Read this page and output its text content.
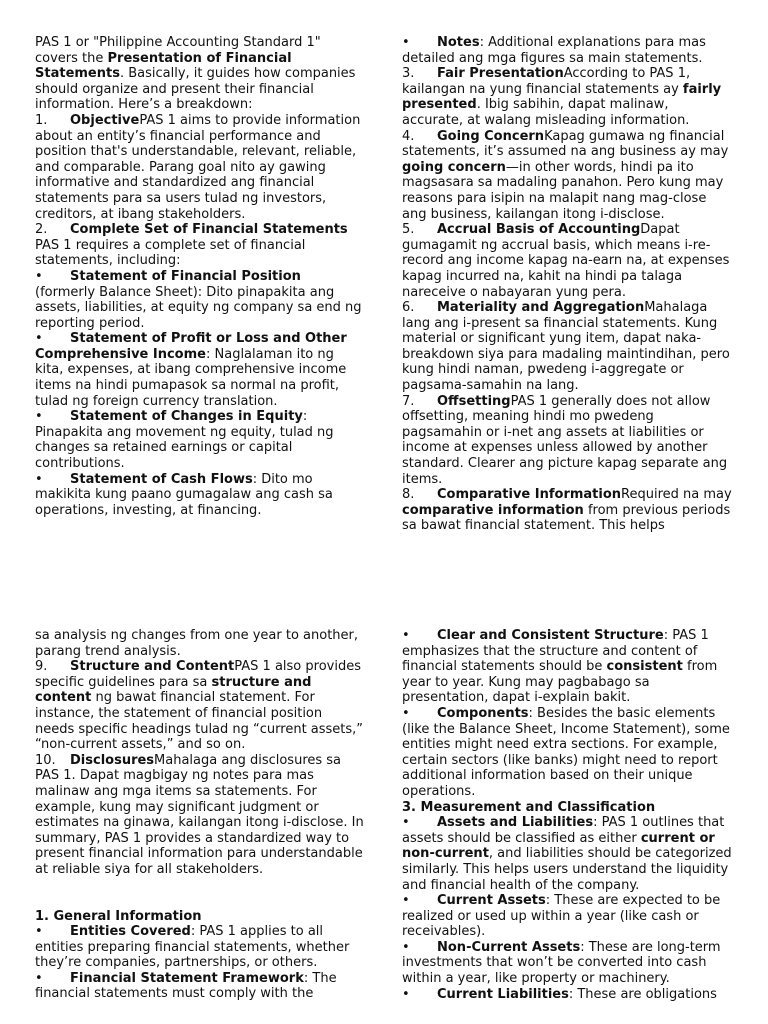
PAS 1 or "Philippine Accounting Standard 1" covers the Presentation of Financial Statements. Basically, it guides how companies should organize and present their financial information. Here’s a breakdown:
1. ObjectivePAS 1 aims to provide information about an entity’s financial performance and position that's understandable, relevant, reliable, and comparable. Parang goal nito ay gawing informative and standardized ang financial statements para sa users tulad ng investors, creditors, at ibang stakeholders.
2. Complete Set of Financial Statements PAS 1 requires a complete set of financial statements, including:
• Statement of Financial Position (formerly Balance Sheet): Dito pinapakita ang assets, liabilities, at equity ng company sa end ng reporting period.
• Statement of Profit or Loss and Other Comprehensive Income: Naglalaman ito ng kita, expenses, at ibang comprehensive income items na hindi pumapasok sa normal na profit, tulad ng foreign currency translation.
• Statement of Changes in Equity: Pinapakita ang movement ng equity, tulad ng changes sa retained earnings or capital contributions.
• Statement of Cash Flows: Dito mo makikita kung paano gumagalaw ang cash sa operations, investing, at financing.
• Notes: Additional explanations para mas detailed ang mga figures sa main statements.
3. Fair PresentationAccording to PAS 1, kailangan na yung financial statements ay fairly presented. Ibig sabihin, dapat malinaw, accurate, at walang misleading information.
4. Going ConcernKapag gumawa ng financial statements, it’s assumed na ang business ay may going concern—in other words, hindi pa ito magsasara sa madaling panahon. Pero kung may reasons para isipin na malapit nang mag-close ang business, kailangan itong i-disclose.
5. Accrual Basis of AccountingDapat gumagamit ng accrual basis, which means i-re-record ang income kapag na-earn na, at expenses kapag incurred na, kahit na hindi pa talaga nareceive o nabayaran yung pera.
6. Materiality and AggregationMahalaga lang ang i-present sa financial statements. Kung material or significant yung item, dapat naka-breakdown siya para madaling maintindihan, pero kung hindi naman, pwedeng i-aggregate or pagsama-samahin na lang.
7. OffsettingPAS 1 generally does not allow offsetting, meaning hindi mo pwedeng pagsamahin or i-net ang assets at liabilities or income at expenses unless allowed by another standard. Clearer ang picture kapag separate ang items.
8. Comparative InformationRequired na may comparative information from previous periods sa bawat financial statement. This helps
sa analysis ng changes from one year to another, parang trend analysis.
9. Structure and ContentPAS 1 also provides specific guidelines para sa structure and content ng bawat financial statement. For instance, the statement of financial position needs specific headings tulad ng “current assets,” “non-current assets,” and so on.
10. DisclosuresMahalaga ang disclosures sa PAS 1. Dapat magbigay ng notes para mas malinaw ang mga items sa statements. For example, kung may significant judgment or estimates na ginawa, kailangan itong i-disclose. In summary, PAS 1 provides a standardized way to present financial information para understandable at reliable siya for all stakeholders.
1. General Information
• Entities Covered: PAS 1 applies to all entities preparing financial statements, whether they’re companies, partnerships, or others.
• Financial Statement Framework: The financial statements must comply with the
• Clear and Consistent Structure: PAS 1 emphasizes that the structure and content of financial statements should be consistent from year to year. Kung may pagbabago sa presentation, dapat i-explain bakit.
• Components: Besides the basic elements (like the Balance Sheet, Income Statement), some entities might need extra sections. For example, certain sectors (like banks) might need to report additional information based on their unique operations.
3. Measurement and Classification
• Assets and Liabilities: PAS 1 outlines that assets should be classified as either current or non-current, and liabilities should be categorized similarly. This helps users understand the liquidity and financial health of the company.
• Current Assets: These are expected to be realized or used up within a year (like cash or receivables).
• Non-Current Assets: These are long-term investments that won’t be converted into cash within a year, like property or machinery.
• Current Liabilities: These are obligations
